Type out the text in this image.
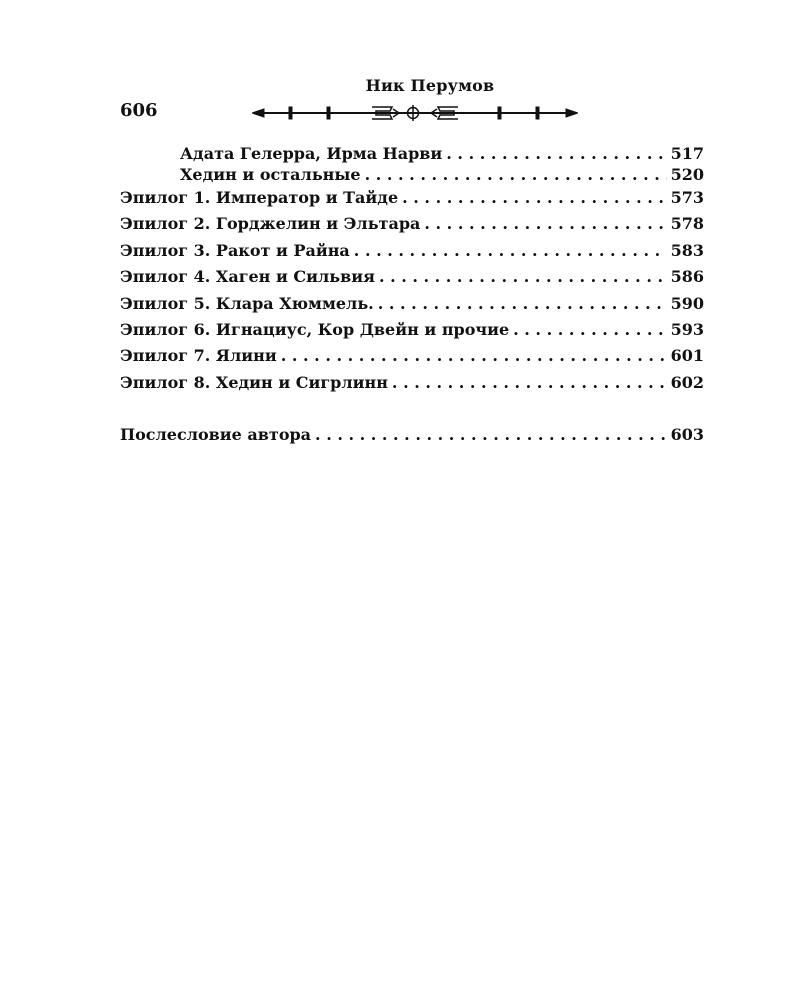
Ник Перумов
606
Адата Гелерра, Ирма Нарви . . .	517
Хедин и остальные . . .	520
Эпилог 1. Император и Тайде . . .	573
Эпилог 2. Горджелин и Эльтара . . .	578
Эпилог 3. Ракот и Райна . . .	583
Эпилог 4. Хаген и Сильвия . . .	586
Эпилог 5. Клара Хюммель. . . .	590
Эпилог 6. Игнациус, Кор Двейн и прочие . . .	593
Эпилог 7. Ялини . . .	601
Эпилог 8. Хедин и Сигрлинн . . .	602
Послесловие автора . . .	603
